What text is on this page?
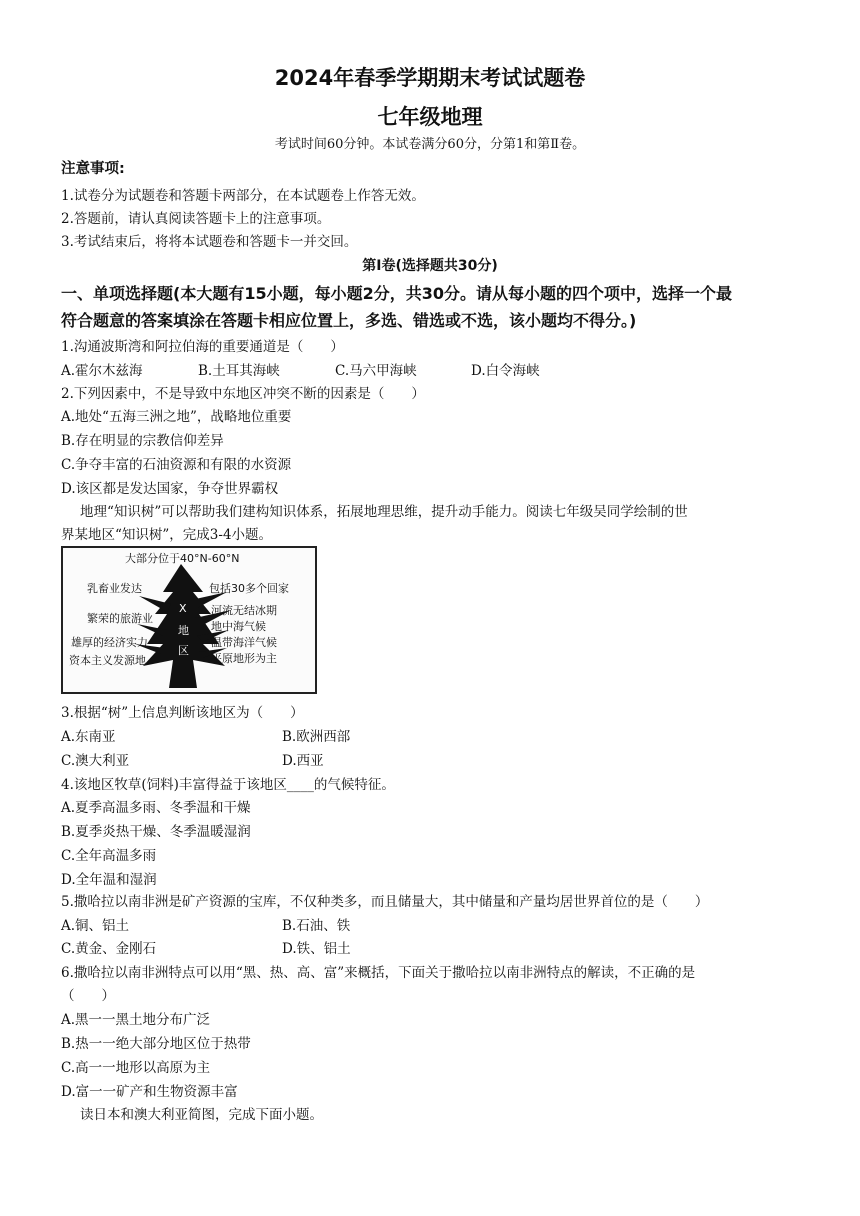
2024年春季学期期末考试试题卷
七年级地理
考试时间60分钟。本试卷满分60分，分第1和第Ⅱ卷。
注意事项:
1.试卷分为试题卷和答题卡两部分，在本试题卷上作答无效。
2.答题前，请认真阅读答题卡上的注意事项。
3.考试结束后，将将本试题卷和答题卡一并交回。
第Ⅰ卷(选择题共30分)
一、单项选择题(本大题有15小题，每小题2分，共30分。请从每小题的四个项中，选择一个最
符合题意的答案填涂在答题卡相应位置上，多选、错选或不选，该小题均不得分。)
1.沟通波斯湾和阿拉伯海的重要通道是（　　）
A.霍尔木兹海	B.土耳其海峡	C.马六甲海峡	D.白令海峡
2.下列因素中，不是导致中东地区冲突不断的因素是（　　）
A.地处“五海三洲之地”，战略地位重要
B.存在明显的宗教信仰差异
C.争夺丰富的石油资源和有限的水资源
D.该区都是发达国家，争夺世界霸权
地理“知识树”可以帮助我们建构知识体系，拓展地理思维，提升动手能力。阅读七年级吴同学绘制的世
界某地区“知识树”，完成3-4小题。
大部分位于40°N-60°N
X
地
区
乳畜业发达
繁荣的旅游业
雄厚的经济实力
资本主义发源地
包括30多个回家
河流无结冰期
地中海气候
温带海洋气候
平原地形为主
3.根据“树”上信息判断该地区为（　　）
A.东南亚	B.欧洲西部
C.澳大利亚	D.西亚
4.该地区牧草(饲料)丰富得益于该地区____的气候特征。
A.夏季高温多雨、冬季温和干燥
B.夏季炎热干燥、冬季温暖湿润
C.全年高温多雨
D.全年温和湿润
5.撒哈拉以南非洲是矿产资源的宝库，不仅种类多，而且储量大，其中储量和产量均居世界首位的是（　　）
A.铜、铝土	B.石油、铁
C.黄金、金刚石	D.铁、铝土
6.撒哈拉以南非洲特点可以用“黑、热、高、富”来概括，下面关于撒哈拉以南非洲特点的解读，不正确的是
（　　）
A.黑一一黑土地分布广泛
B.热一一绝大部分地区位于热带
C.高一一地形以高原为主
D.富一一矿产和生物资源丰富
读日本和澳大利亚简图，完成下面小题。
